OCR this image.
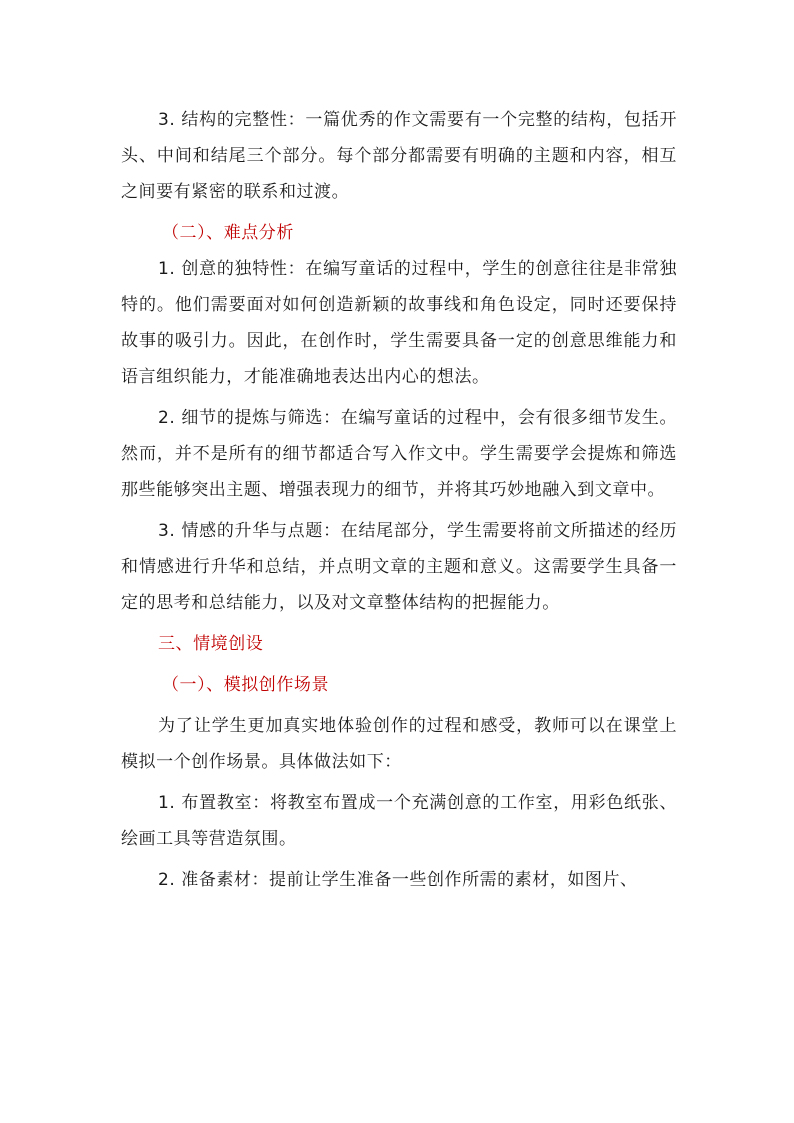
3. 结构的完整性：一篇优秀的作文需要有一个完整的结构，包括开头、中间和结尾三个部分。每个部分都需要有明确的主题和内容，相互之间要有紧密的联系和过渡。

（二）、难点分析

1. 创意的独特性：在编写童话的过程中，学生的创意往往是非常独特的。他们需要面对如何创造新颖的故事线和角色设定，同时还要保持故事的吸引力。因此，在创作时，学生需要具备一定的创意思维能力和语言组织能力，才能准确地表达出内心的想法。

2. 细节的提炼与筛选：在编写童话的过程中，会有很多细节发生。然而，并不是所有的细节都适合写入作文中。学生需要学会提炼和筛选那些能够突出主题、增强表现力的细节，并将其巧妙地融入到文章中。

3. 情感的升华与点题：在结尾部分，学生需要将前文所描述的经历和情感进行升华和总结，并点明文章的主题和意义。这需要学生具备一定的思考和总结能力，以及对文章整体结构的把握能力。

三、情境创设

（一）、模拟创作场景

为了让学生更加真实地体验创作的过程和感受，教师可以在课堂上模拟一个创作场景。具体做法如下：

1. 布置教室：将教室布置成一个充满创意的工作室，用彩色纸张、绘画工具等营造氛围。

2. 准备素材：提前让学生准备一些创作所需的素材，如图片、
